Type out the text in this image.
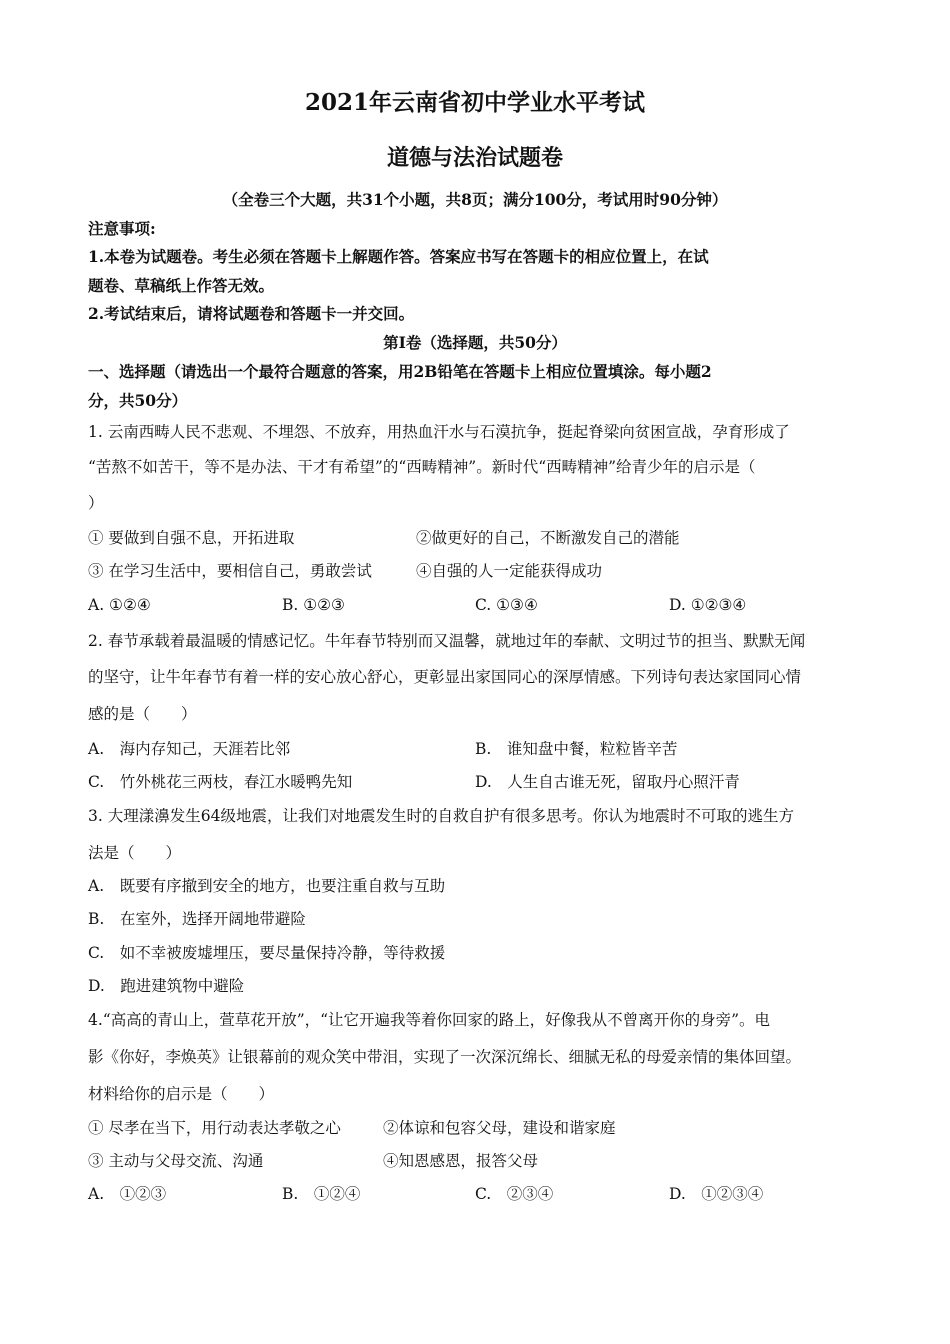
2021年云南省初中学业水平考试
道德与法治试题卷
（全卷三个大题，共31个小题，共8页；满分100分，考试用时90分钟）
注意事项:
1.本卷为试题卷。考生必须在答题卡上解题作答。答案应书写在答题卡的相应位置上，在试
题卷、草稿纸上作答无效。
2.考试结束后，请将试题卷和答题卡一并交回。
第Ⅰ卷（选择题，共50分）
一、选择题（请选出一个最符合题意的答案，用2B铅笔在答题卡上相应位置填涂。每小题2
分，共50分）
1. 云南西畴人民不悲观、不埋怨、不放弃，用热血汗水与石漠抗争，挺起脊梁向贫困宣战，孕育形成了
“苦熬不如苦干，等不是办法、干才有希望”的“西畴精神”。新时代“西畴精神”给青少年的启示是（
）
① 要做到自强不息，开拓进取	②做更好的自己，不断激发自己的潜能
③ 在学习生活中，要相信自己，勇敢尝试	④自强的人一定能获得成功
A. ①②④	B. ①②③	C. ①③④	D. ①②③④
2. 春节承载着最温暖的情感记忆。牛年春节特别而又温馨，就地过年的奉献、文明过节的担当、默默无闻
的坚守，让牛年春节有着一样的安心放心舒心，更彰显出家国同心的深厚情感。下列诗句表达家国同心情
感的是（　　）
A.　海内存知己，天涯若比邻	B.　谁知盘中餐，粒粒皆辛苦
C.　竹外桃花三两枝，春江水暖鸭先知	D.　人生自古谁无死，留取丹心照汗青
3. 大理漾濞发生64级地震，让我们对地震发生时的自救自护有很多思考。你认为地震时不可取的逃生方
法是（　　）
A.　既要有序撤到安全的地方，也要注重自救与互助
B.　在室外，选择开阔地带避险
C.　如不幸被废墟埋压，要尽量保持冷静，等待救援
D.　跑进建筑物中避险
4.“高高的青山上，萱草花开放”，“让它开遍我等着你回家的路上，好像我从不曾离开你的身旁”。电
影《你好，李焕英》让银幕前的观众笑中带泪，实现了一次深沉绵长、细腻无私的母爱亲情的集体回望。
材料给你的启示是（　　）
① 尽孝在当下，用行动表达孝敬之心	②体谅和包容父母，建设和谐家庭
③ 主动与父母交流、沟通	④知恩感恩，报答父母
A.　①②③	B.　①②④	C.　②③④	D.　①②③④
